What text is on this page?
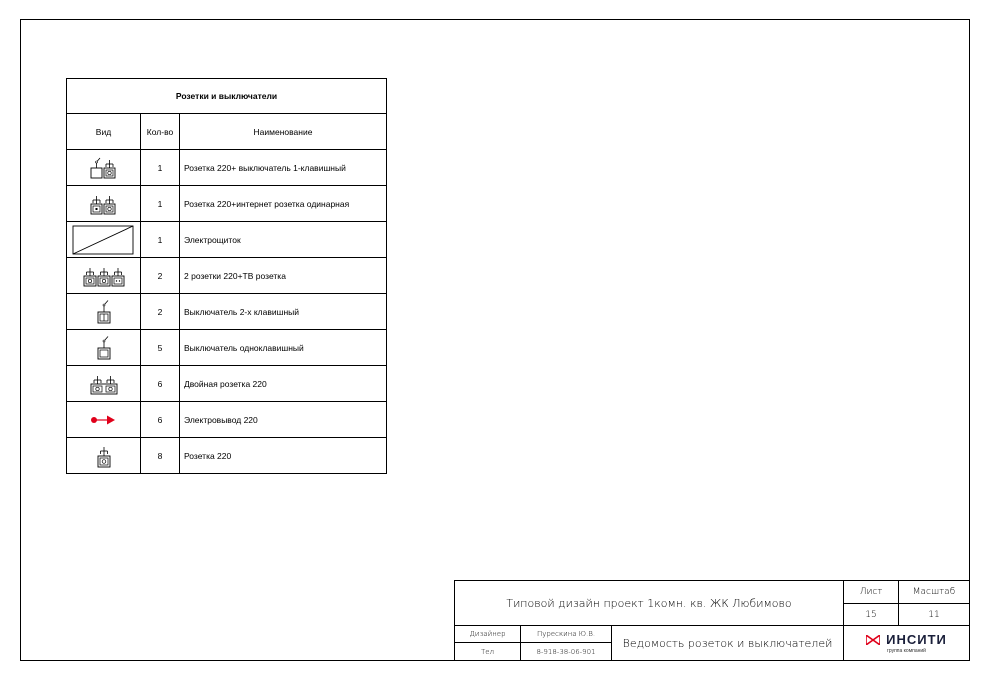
Розетки и выключатели		
Вид	Кол-во	Наименование

	1	Розетка 220+ выключатель 1-клавишный

	1	Розетка 220+интернет розетка одинарная

	1	Электрощиток

	2	2 розетки 220+ТВ розетка

	2	Выключатель 2-х клавишный

	5	Выключатель одноклавишный

	6	Двойная розетка 220

	6	Электровывод 220

	8	Розетка 220
Типовой дизайн проект 1комн. кв. ЖК Любимово
Лист	Масштаб
15	11
Дизайнер	Пурескина Ю.В.
Тел	8-918-38-06-901
Ведомость розеток и выключателей	ИНСИТИ
группа компаний
